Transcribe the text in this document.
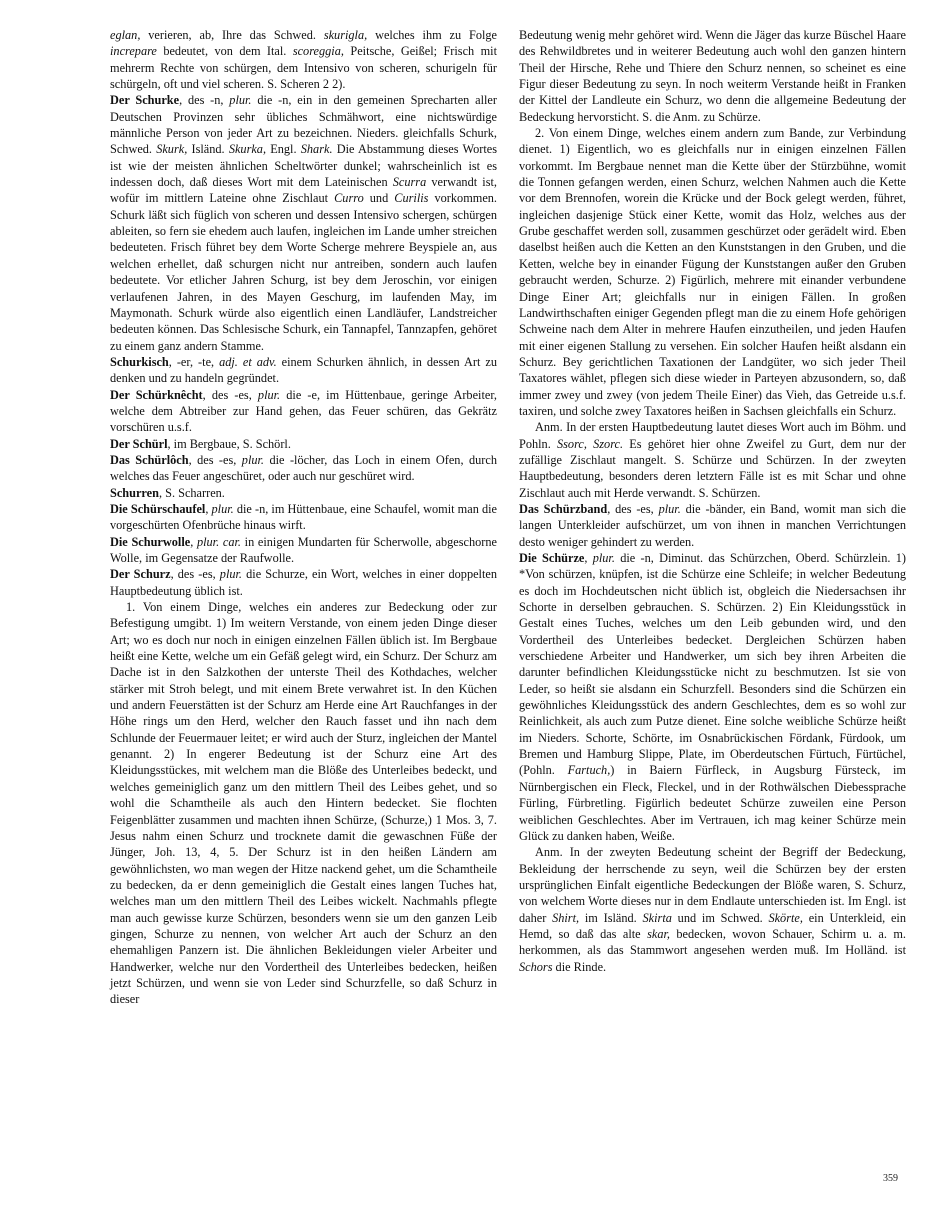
eglan, verieren, ab, Ihre das Schwed. skurigla, welches ihm zu Folge increpare bedeutet, von dem Ital. scoreggia, Peitsche, Geißel; Frisch mit mehrerm Rechte von schürgen, dem Intensivo von scheren, schurigeln für schürgeln, oft und viel scheren. S. Scheren 2 2).

Der Schurke, des -n, plur. die -n, ein in den gemeinen Sprecharten aller Deutschen Provinzen sehr übliches Schmähwort, eine nichtswürdige männliche Person von jeder Art zu bezeichnen. Nieders. gleichfalls Schurk, Schwed. Skurk, Isländ. Skurka, Engl. Shark. Die Abstammung dieses Wortes ist wie der meisten ähnlichen Scheltwörter dunkel; wahrscheinlich ist es indessen doch, daß dieses Wort mit dem Lateinischen Scurra verwandt ist, wofür im mittlern Lateine ohne Zischlaut Curro und Curilis vorkommen. Schurk läßt sich füglich von scheren und dessen Intensivo schergen, schürgen ableiten, so fern sie ehedem auch laufen, ingleichen im Lande umher streichen bedeuteten. Frisch führet bey dem Worte Scherge mehrere Beyspiele an, aus welchen erhellet, daß schurgen nicht nur antreiben, sondern auch laufen bedeutete. Vor etlicher Jahren Schurg, ist bey dem Jeroschin, vor einigen verlaufenen Jahren, in des Mayen Geschurg, im laufenden May, im Maymonath. Schurk würde also eigentlich einen Landläufer, Landstreicher bedeuten können. Das Schlesische Schurk, ein Tannapfel, Tannzapfen, gehöret zu einem ganz andern Stamme.

Schurkisch, -er, -te, adj. et adv. einem Schurken ähnlich, in dessen Art zu denken und zu handeln gegründet.

Der Schürknêcht, des -es, plur. die -e, im Hüttenbaue, geringe Arbeiter, welche dem Abtreiber zur Hand gehen, das Feuer schüren, das Gekrätz vorschüren u.s.f.

Der Schürl, im Bergbaue, S. Schörl.

Das Schürlôch, des -es, plur. die -löcher, das Loch in einem Ofen, durch welches das Feuer angeschüret, oder auch nur geschüret wird.

Schurren, S. Scharren.

Die Schürschaufel, plur. die -n, im Hüttenbaue, eine Schaufel, womit man die vorgeschürten Ofenbrüche hinaus wirft.

Die Schurwolle, plur. car. in einigen Mundarten für Scherwolle, abgeschorne Wolle, im Gegensatze der Raufwolle.

Der Schurz, des -es, plur. die Schurze, ein Wort, welches in einer doppelten Hauptbedeutung üblich ist.

1. Von einem Dinge, welches ein anderes zur Bedeckung oder zur Befestigung umgibt. 1) Im weitern Verstande, von einem jeden Dinge dieser Art; wo es doch nur noch in einigen einzelnen Fällen üblich ist. Im Bergbaue heißt eine Kette, welche um ein Gefäß gelegt wird, ein Schurz. Der Schurz am Dache ist in den Salzkothen der unterste Theil des Kothdaches, welcher stärker mit Stroh belegt, und mit einem Brete verwahret ist. In den Küchen und andern Feuerstätten ist der Schurz am Herde eine Art Rauchfanges in der Höhe rings um den Herd, welcher den Rauch fasset und ihn nach dem Schlunde der Feuermauer leitet; er wird auch der Sturz, ingleichen der Mantel genannt. 2) In engerer Bedeutung ist der Schurz eine Art des Kleidungsstückes, mit welchem man die Blöße des Unterleibes bedeckt, und welches gemeiniglich ganz um den mittlern Theil des Leibes gehet, und so wohl die Schamtheile als auch den Hintern bedecket. Sie flochten Feigenblätter zusammen und machten ihnen Schürze, (Schurze,) 1 Mos. 3, 7. Jesus nahm einen Schurz und trocknete damit die gewaschnen Füße der Jünger, Joh. 13, 4, 5. Der Schurz ist in den heißen Ländern am gewöhnlichsten, wo man wegen der Hitze nackend gehet, um die Schamtheile zu bedecken, da er denn gemeiniglich die Gestalt eines langen Tuches hat, welches man um den mittlern Theil des Leibes wickelt. Nachmahls pflegte man auch gewisse kurze Schürzen, besonders wenn sie um den ganzen Leib gingen, Schurze zu nennen, von welcher Art auch der Schurz an den ehemahligen Panzern ist. Die ähnlichen Bekleidungen vieler Arbeiter und Handwerker, welche nur den Vordertheil des Unterleibes bedecken, heißen jetzt Schürzen, und wenn sie von Leder sind Schurzfelle, so daß Schurz in dieser

Bedeutung wenig mehr gehöret wird. Wenn die Jäger das kurze Büschel Haare des Rehwildbretes und in weiterer Bedeutung auch wohl den ganzen hintern Theil der Hirsche, Rehe und Thiere den Schurz nennen, so scheinet es eine Figur dieser Bedeutung zu seyn. In noch weiterm Verstande heißt in Franken der Kittel der Landleute ein Schurz, wo denn die allgemeine Bedeutung der Bedeckung hervorsticht. S. die Anm. zu Schürze.

2. Von einem Dinge, welches einem andern zum Bande, zur Verbindung dienet. 1) Eigentlich, wo es gleichfalls nur in einigen einzelnen Fällen vorkommt. Im Bergbaue nennet man die Kette über der Stürzbühne, womit die Tonnen gefangen werden, einen Schurz, welchen Nahmen auch die Kette vor dem Brennofen, worein die Krücke und der Bock gelegt werden, führet, ingleichen dasjenige Stück einer Kette, womit das Holz, welches aus der Grube geschaffet werden soll, zusammen geschürzet oder gerädelt wird. Eben daselbst heißen auch die Ketten an den Kunststangen in den Gruben, und die Ketten, welche bey in einander Fügung der Kunststangen außer den Gruben gebraucht werden, Schurze. 2) Figürlich, mehrere mit einander verbundene Dinge Einer Art; gleichfalls nur in einigen Fällen. In großen Landwirthschaften einiger Gegenden pflegt man die zu einem Hofe gehörigen Schweine nach dem Alter in mehrere Haufen einzutheilen, und jeden Haufen mit einer eigenen Stallung zu versehen. Ein solcher Haufen heißt alsdann ein Schurz. Bey gerichtlichen Taxationen der Landgüter, wo sich jeder Theil Taxatores wählet, pflegen sich diese wieder in Parteyen abzusondern, so, daß immer zwey und zwey (von jedem Theile Einer) das Vieh, das Getreide u.s.f. taxiren, und solche zwey Taxatores heißen in Sachsen gleichfalls ein Schurz.

Anm. In der ersten Hauptbedeutung lautet dieses Wort auch im Böhm. und Pohln. Ssorc, Szorc. Es gehöret hier ohne Zweifel zu Gurt, dem nur der zufällige Zischlaut mangelt. S. Schürze und Schürzen. In der zweyten Hauptbedeutung, besonders deren letztern Fälle ist es mit Schar und ohne Zischlaut auch mit Herde verwandt. S. Schürzen.

Das Schürzband, des -es, plur. die -bänder, ein Band, womit man sich die langen Unterkleider aufschürzet, um von ihnen in manchen Verrichtungen desto weniger gehindert zu werden.

Die Schürze, plur. die -n, Diminut. das Schürzchen, Oberd. Schürzlein. 1) *Von schürzen, knüpfen, ist die Schürze eine Schleife; in welcher Bedeutung es doch im Hochdeutschen nicht üblich ist, obgleich die Niedersachsen ihr Schorte in derselben gebrauchen. S. Schürzen. 2) Ein Kleidungsstück in Gestalt eines Tuches, welches um den Leib gebunden wird, und den Vordertheil des Unterleibes bedecket. Dergleichen Schürzen haben verschiedene Arbeiter und Handwerker, um sich bey ihren Arbeiten die darunter befindlichen Kleidungsstücke nicht zu beschmutzen. Ist sie von Leder, so heißt sie alsdann ein Schurzfell. Besonders sind die Schürzen ein gewöhnliches Kleidungsstück des andern Geschlechtes, dem es so wohl zur Reinlichkeit, als auch zum Putze dienet. Eine solche weibliche Schürze heißt im Nieders. Schorte, Schörte, im Osnabrückischen Fördank, Fürdook, um Bremen und Hamburg Slippe, Plate, im Oberdeutschen Fürtuch, Fürtüchel, (Pohln. Fartuch,) in Baiern Fürfleck, in Augsburg Fürsteck, im Nürnbergischen ein Fleck, Fleckel, und in der Rothwälschen Diebessprache Fürling, Fürbretling. Figürlich bedeutet Schürze zuweilen eine Person weiblichen Geschlechtes. Aber im Vertrauen, ich mag keiner Schürze mein Glück zu danken haben, Weiße.

Anm. In der zweyten Bedeutung scheint der Begriff der Bedeckung, Bekleidung der herrschende zu seyn, weil die Schürzen bey der ersten ursprünglichen Einfalt eigentliche Bedeckungen der Blöße waren, S. Schurz, von welchem Worte dieses nur in dem Endlaute unterschieden ist. Im Engl. ist daher Shirt, im Isländ. Skirta und im Schwed. Skörte, ein Unterkleid, ein Hemd, so daß das alte skar, bedecken, wovon Schauer, Schirm u. a. m. herkommen, als das Stammwort angesehen werden muß. Im Holländ. ist Schors die Rinde.

359
